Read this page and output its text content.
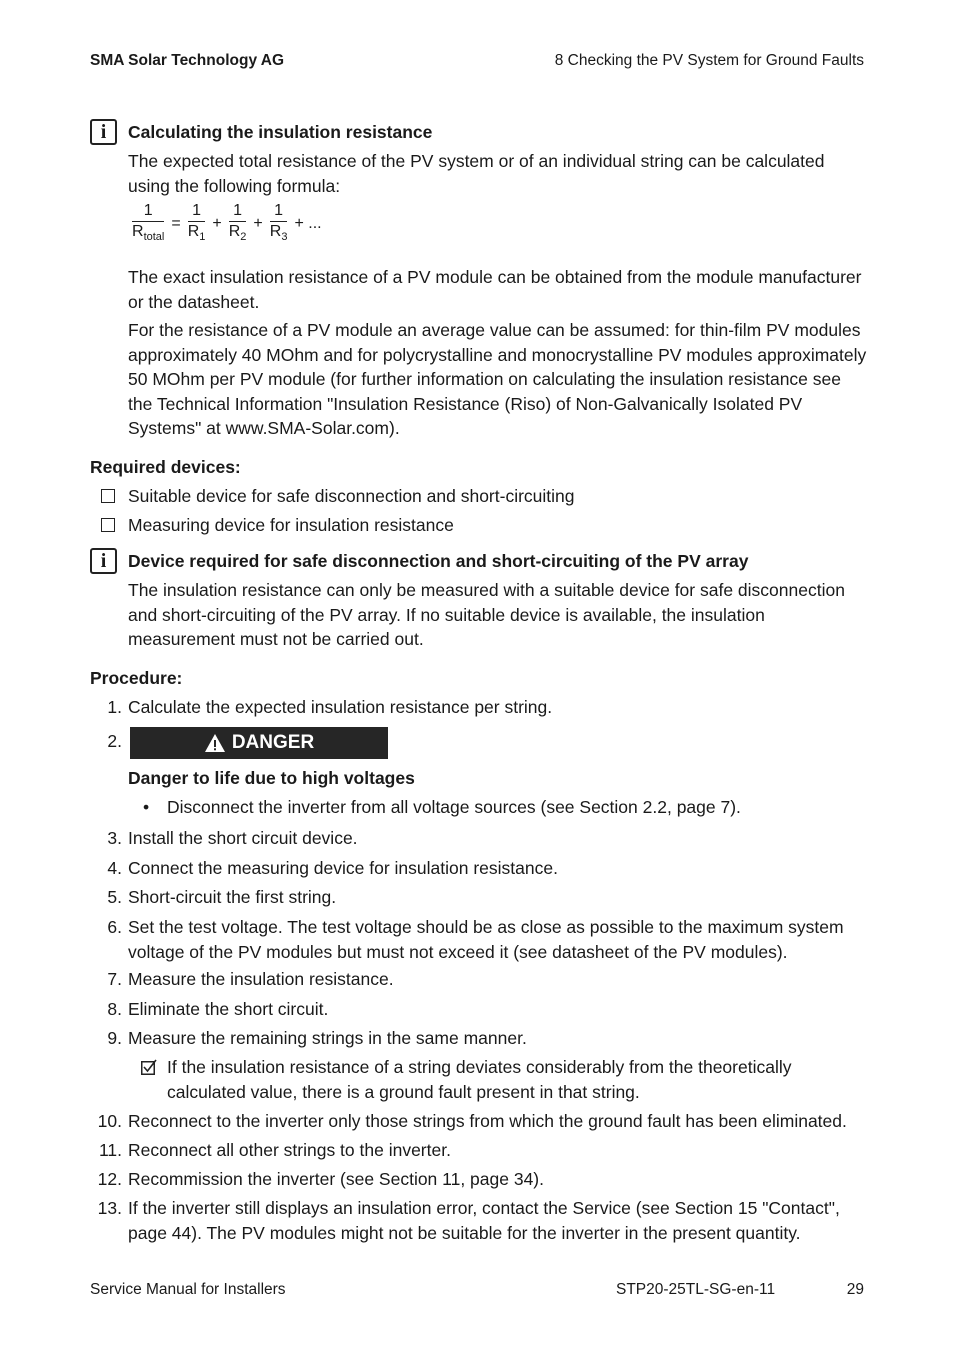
SMA Solar Technology AG	8 Checking the PV System for Ground Faults
i	Calculating the insulation resistance
The expected total resistance of the PV system or of an individual string can be calculated using the following formula:
$\frac{1}{R_{total}} = \frac{1}{R_1} + \frac{1}{R_2} + \frac{1}{R_3}$ + ...
The exact insulation resistance of a PV module can be obtained from the module manufacturer or the datasheet.
For the resistance of a PV module an average value can be assumed: for thin-film PV modules approximately 40 MOhm and for polycrystalline and monocrystalline PV modules approximately 50 MOhm per PV module (for further information on calculating the insulation resistance see the Technical Information "Insulation Resistance (Riso) of Non-Galvanically Isolated PV Systems" at www.SMA-Solar.com).
Required devices:
Suitable device for safe disconnection and short-circuiting
Measuring device for insulation resistance
i	Device required for safe disconnection and short-circuiting of the PV array
The insulation resistance can only be measured with a suitable device for safe disconnection and short-circuiting of the PV array. If no suitable device is available, the insulation measurement must not be carried out.
Procedure:
1. Calculate the expected insulation resistance per string.
2.	DANGER
Danger to life due to high voltages
• Disconnect the inverter from all voltage sources (see Section 2.2, page 7).
3. Install the short circuit device.
4. Connect the measuring device for insulation resistance.
5. Short-circuit the first string.
6. Set the test voltage. The test voltage should be as close as possible to the maximum system voltage of the PV modules but must not exceed it (see datasheet of the PV modules).
7. Measure the insulation resistance.
8. Eliminate the short circuit.
9. Measure the remaining strings in the same manner.
If the insulation resistance of a string deviates considerably from the theoretically calculated value, there is a ground fault present in that string.
10. Reconnect to the inverter only those strings from which the ground fault has been eliminated.
11. Reconnect all other strings to the inverter.
12. Recommission the inverter (see Section 11, page 34).
13. If the inverter still displays an insulation error, contact the Service (see Section 15 "Contact", page 44). The PV modules might not be suitable for the inverter in the present quantity.
Service Manual for Installers	STP20-25TL-SG-en-11	29
